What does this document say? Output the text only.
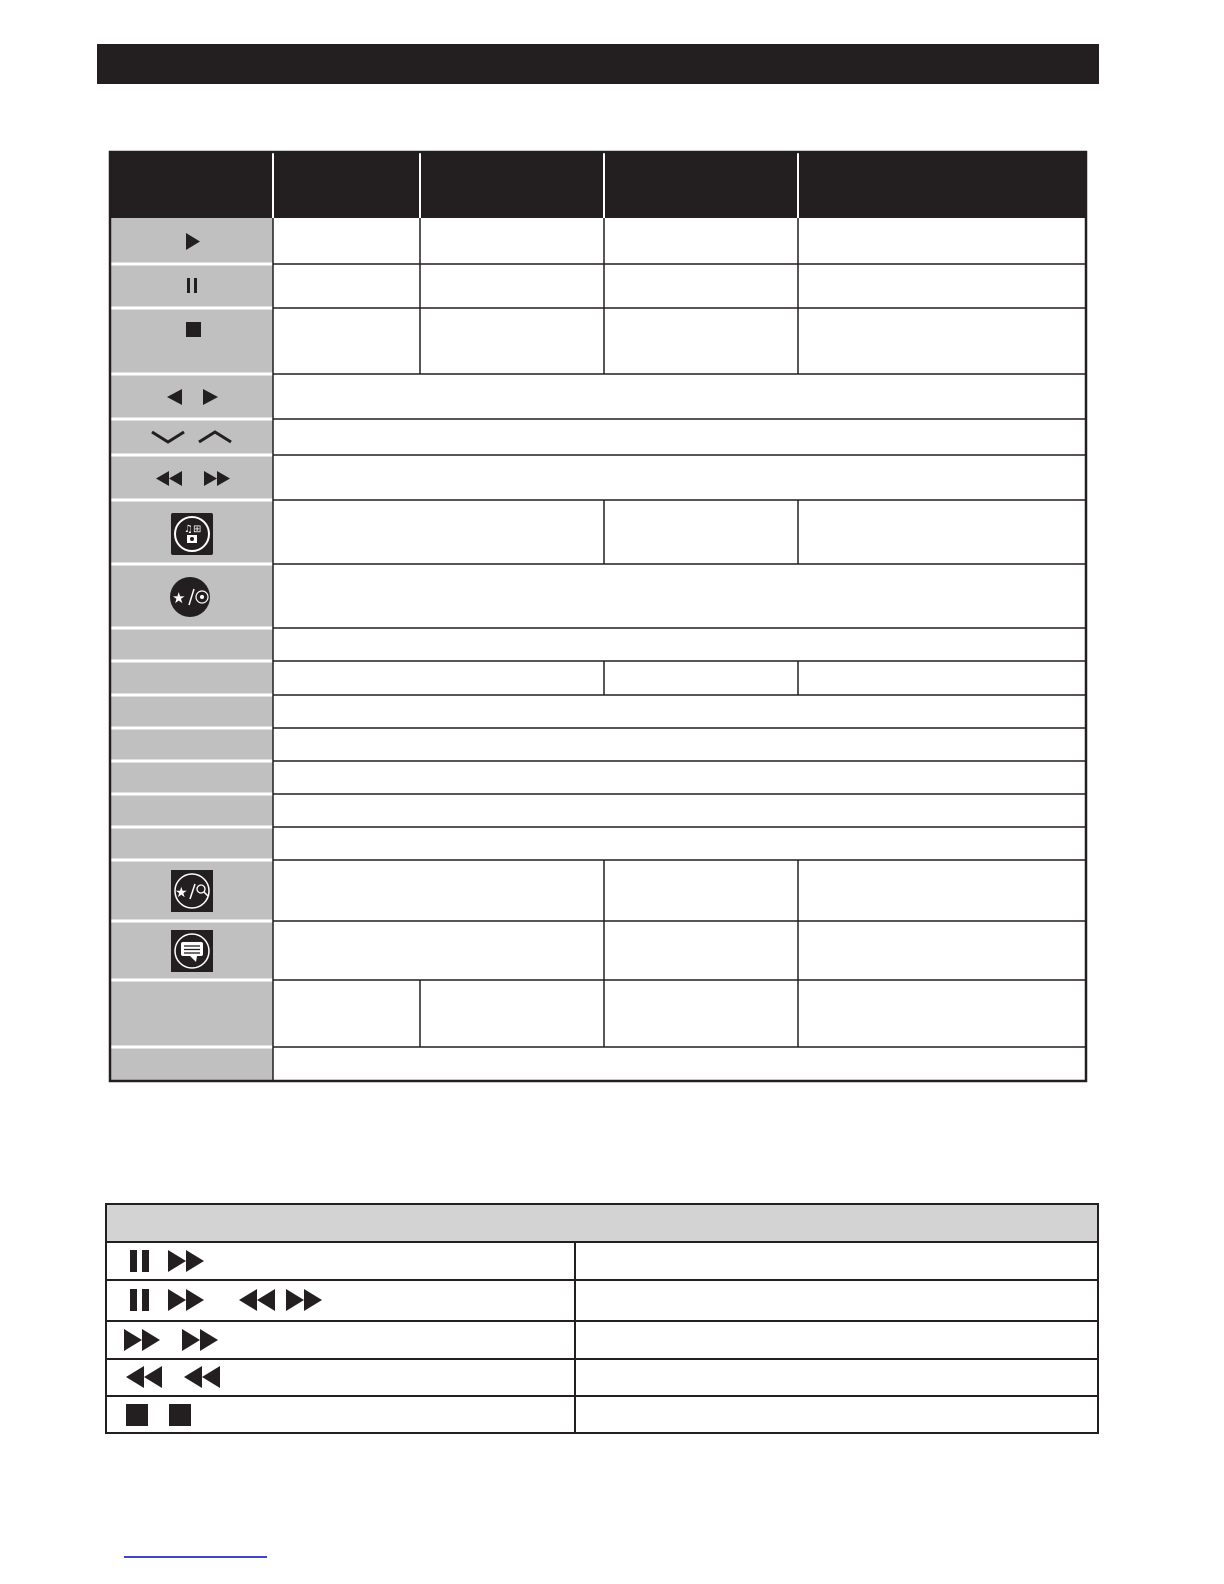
♫ ⊞
★
★
